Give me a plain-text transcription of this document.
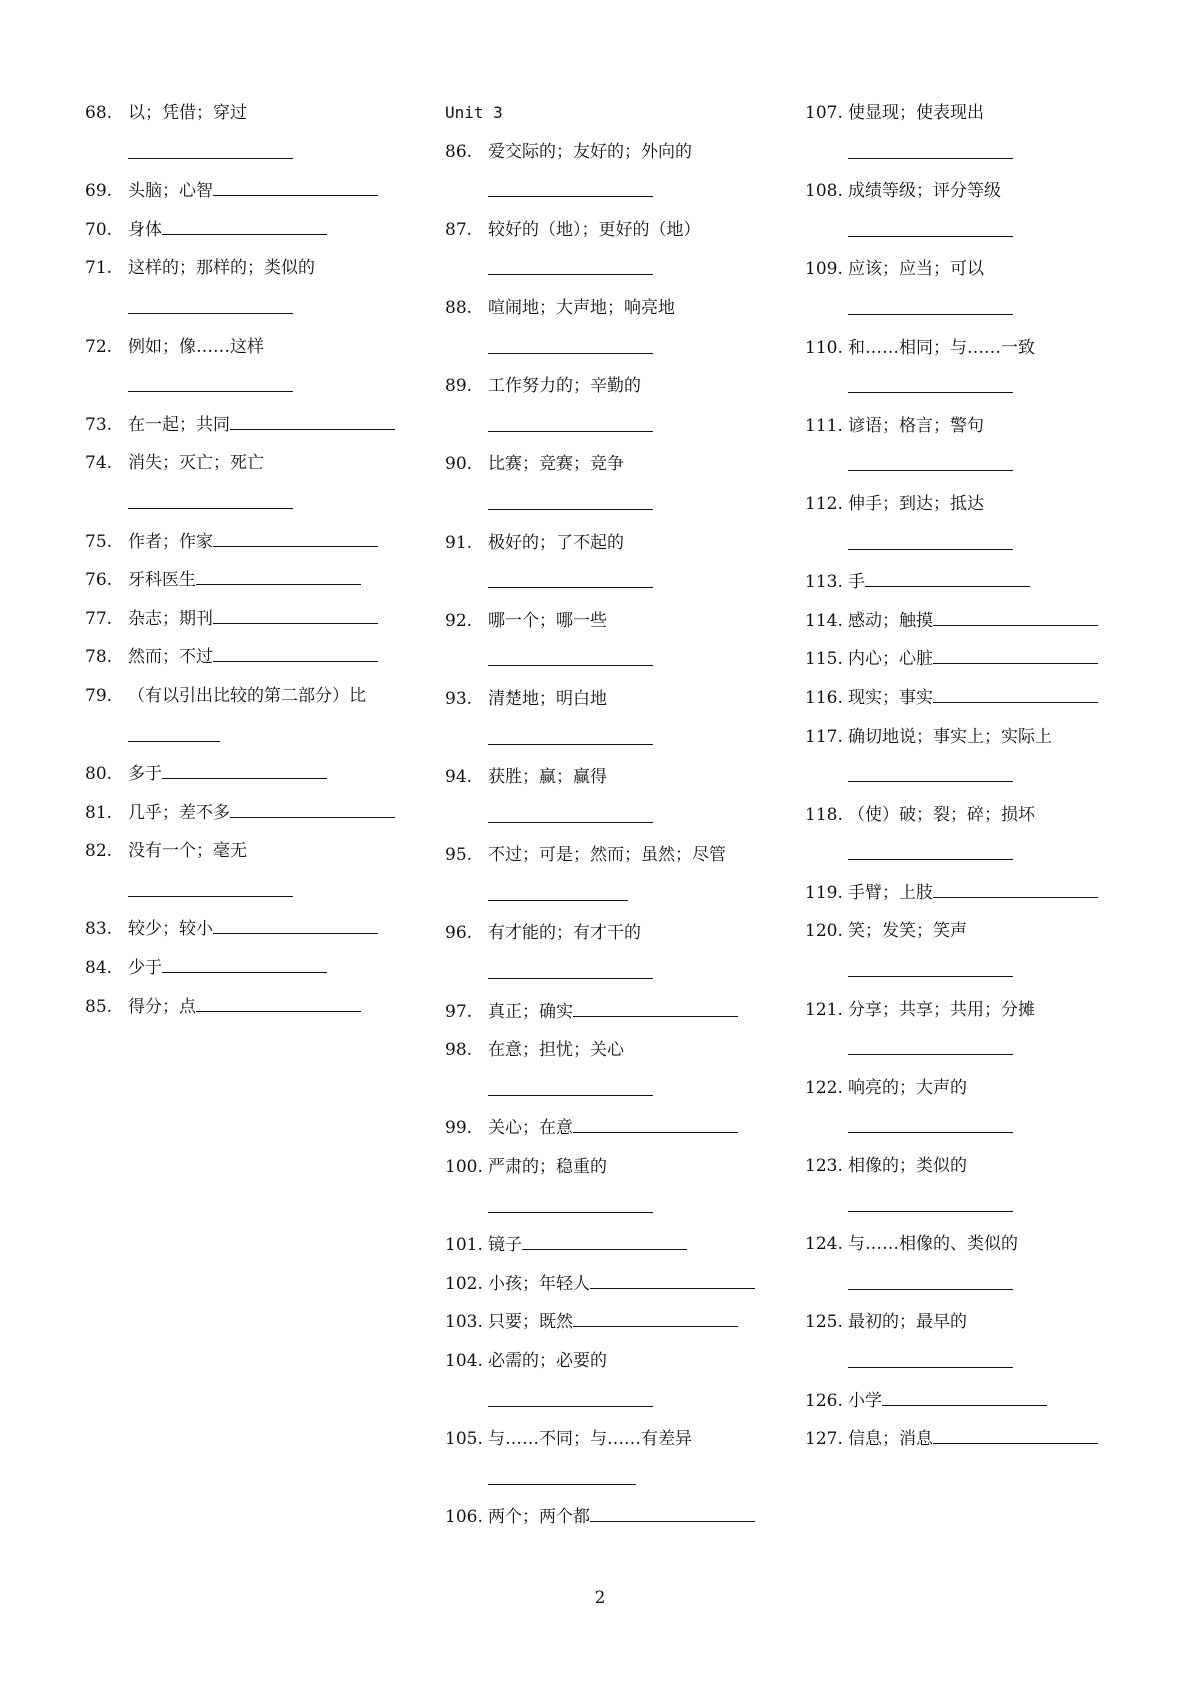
68. 以；凭借；穿过
69. 头脑；心智
70. 身体
71. 这样的；那样的；类似的
72. 例如；像……这样
73. 在一起；共同
74. 消失；灭亡；死亡
75. 作者；作家
76. 牙科医生
77. 杂志；期刊
78. 然而；不过
79. （有以引出比较的第二部分）比
80. 多于
81. 几乎；差不多
82. 没有一个；毫无
83. 较少；较小
84. 少于
85. 得分；点
Unit 3
86. 爱交际的；友好的；外向的
87. 较好的（地）；更好的（地）
88. 喧闹地；大声地；响亮地
89. 工作努力的；辛勤的
90. 比赛；竞赛；竞争
91. 极好的；了不起的
92. 哪一个；哪一些
93. 清楚地；明白地
94. 获胜；赢；赢得
95. 不过；可是；然而；虽然；尽管
96. 有才能的；有才干的
97. 真正；确实
98. 在意；担忧；关心
99. 关心；在意
100. 严肃的；稳重的
101. 镜子
102. 小孩；年轻人
103. 只要；既然
104. 必需的；必要的
105. 与……不同；与……有差异
106. 两个；两个都
107. 使显现；使表现出
108. 成绩等级；评分等级
109. 应该；应当；可以
110. 和……相同；与……一致
111. 谚语；格言；警句
112. 伸手；到达；抵达
113. 手
114. 感动；触摸
115. 内心；心脏
116. 现实；事实
117. 确切地说；事实上；实际上
118. （使）破；裂；碎；损坏
119. 手臂；上肢
120. 笑；发笑；笑声
121. 分享；共享；共用；分摊
122. 响亮的；大声的
123. 相像的；类似的
124. 与……相像的、类似的
125. 最初的；最早的
126. 小学
127. 信息；消息
2
